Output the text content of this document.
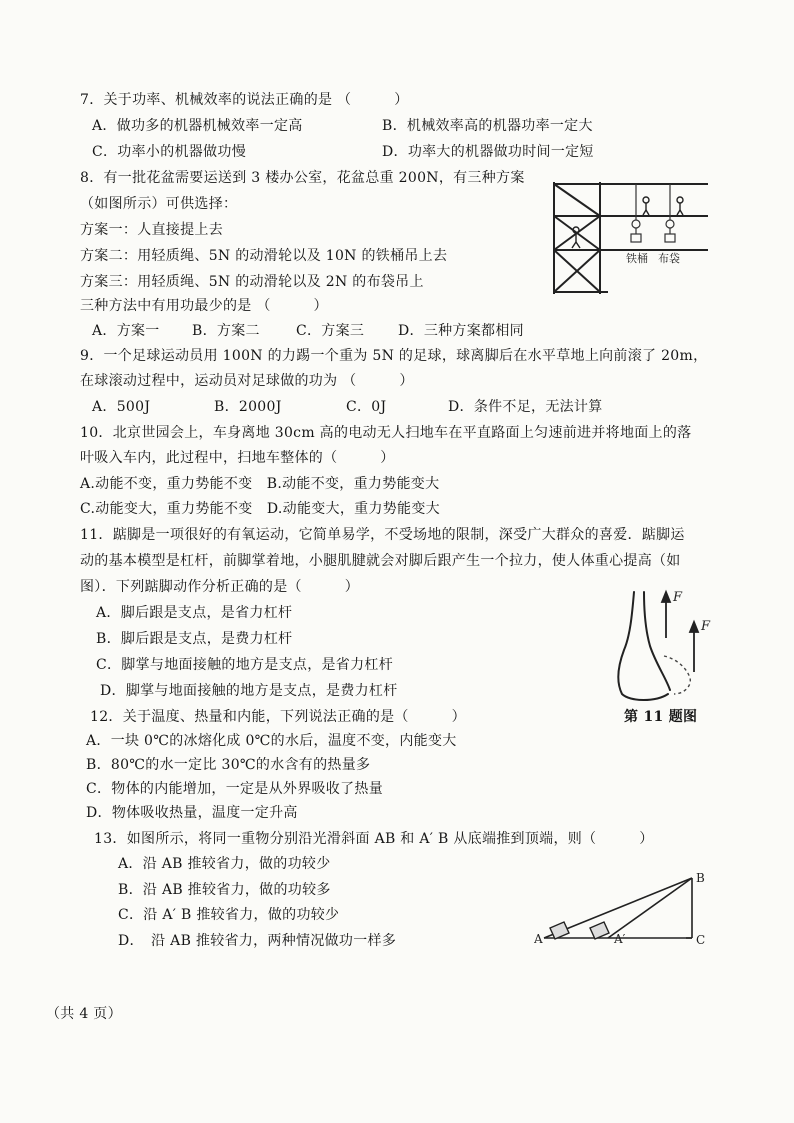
7．关于功率、机械效率的说法正确的是 （　　　）
A．做功多的机器机械效率一定高	B．机械效率高的机器功率一定大
C．功率小的机器做功慢	D．功率大的机器做功时间一定短
8．有一批花盆需要运送到 3 楼办公室，花盆总重 200N，有三种方案
（如图所示）可供选择：
方案一：人直接提上去
方案二：用轻质绳、5N 的动滑轮以及 10N 的铁桶吊上去
方案三：用轻质绳、5N 的动滑轮以及 2N 的布袋吊上
三种方法中有用功最少的是 （　　　）
A．方案一 B．方案二	C．方案三 D．三种方案都相同
铁桶 布袋
9．一个足球运动员用 100N 的力踢一个重为 5N 的足球，球离脚后在水平草地上向前滚了 20m，
在球滚动过程中，运动员对足球做的功为 （　　　）
A．500J	B．2000J	C．0J	D．条件不足，无法计算
10．北京世园会上，车身离地 30cm 高的电动无人扫地车在平直路面上匀速前进并将地面上的落
叶吸入车内，此过程中，扫地车整体的（　　　）
A.动能不变，重力势能不变　B.动能不变，重力势能变大
C.动能变大，重力势能不变　D.动能变大，重力势能变大
11．踮脚是一项很好的有氧运动，它简单易学，不受场地的限制，深受广大群众的喜爱．踮脚运
动的基本模型是杠杆，前脚掌着地，小腿肌腱就会对脚后跟产生一个拉力，使人体重心提高（如
图）．下列踮脚动作分析正确的是（　　　）
A．脚后跟是支点，是省力杠杆
B．脚后跟是支点，是费力杠杆
C．脚掌与地面接触的地方是支点，是省力杠杆
D．脚掌与地面接触的地方是支点，是费力杠杆
F
F
第 11 题图
12．关于温度、热量和内能，下列说法正确的是（　　　）
A．一块 0℃的冰熔化成 0℃的水后，温度不变，内能变大
B．80℃的水一定比 30℃的水含有的热量多
C．物体的内能增加，一定是从外界吸收了热量
D．物体吸收热量，温度一定升高
13．如图所示，将同一重物分别沿光滑斜面 AB 和 A′ B 从底端推到顶端，则（　　　）
A．沿 AB 推较省力，做的功较少
B．沿 AB 推较省力，做的功较多
C．沿 A′ B 推较省力，做的功较少
D．　沿 AB 推较省力，两种情况做功一样多	A	A′
B
C
（共 4 页）
